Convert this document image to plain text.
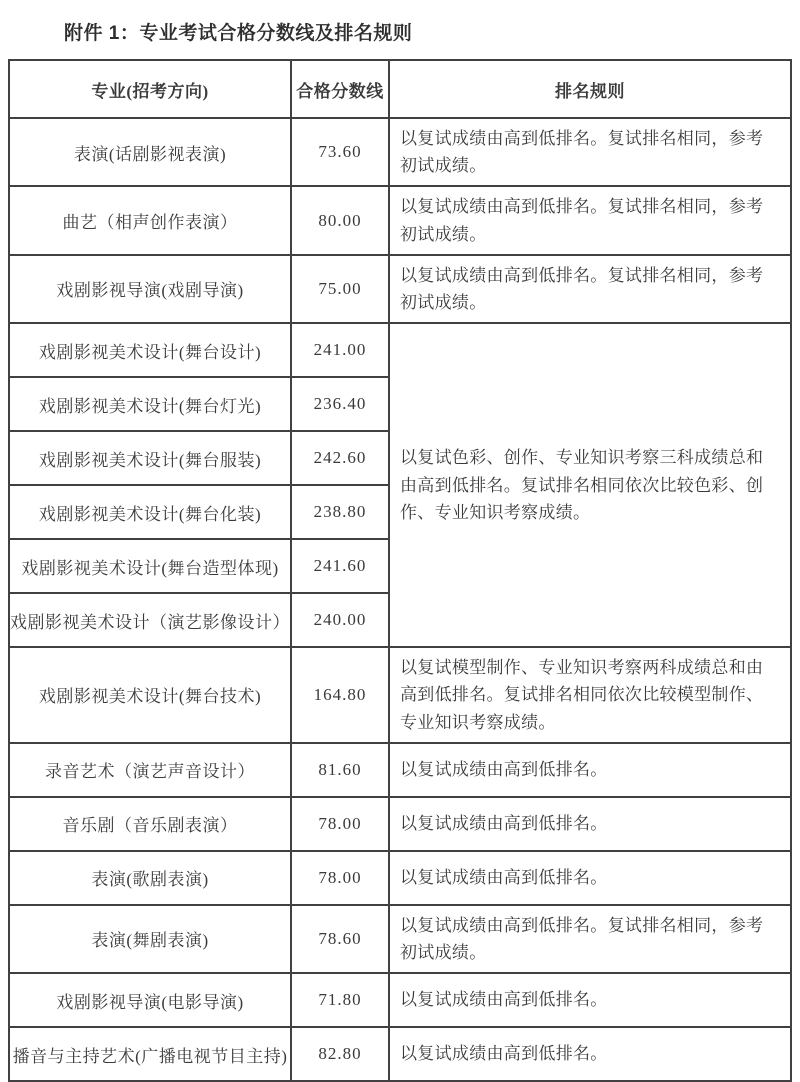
附件 1：专业考试合格分数线及排名规则
专业(招考方向)	合格分数线	排名规则
表演(话剧影视表演)	73.60	以复试成绩由高到低排名。复试排名相同，参考初试成绩。
曲艺（相声创作表演）	80.00	以复试成绩由高到低排名。复试排名相同，参考初试成绩。
戏剧影视导演(戏剧导演)	75.00	以复试成绩由高到低排名。复试排名相同，参考初试成绩。
戏剧影视美术设计(舞台设计)	241.00	以复试色彩、创作、专业知识考察三科成绩总和由高到低排名。复试排名相同依次比较色彩、创作、专业知识考察成绩。
戏剧影视美术设计(舞台灯光)	236.40	
戏剧影视美术设计(舞台服装)	242.60	
戏剧影视美术设计(舞台化装)	238.80	
戏剧影视美术设计(舞台造型体现)	241.60	
戏剧影视美术设计（演艺影像设计）	240.00	
戏剧影视美术设计(舞台技术)	164.80	以复试模型制作、专业知识考察两科成绩总和由高到低排名。复试排名相同依次比较模型制作、专业知识考察成绩。
录音艺术（演艺声音设计）	81.60	以复试成绩由高到低排名。
音乐剧（音乐剧表演）	78.00	以复试成绩由高到低排名。
表演(歌剧表演)	78.00	以复试成绩由高到低排名。
表演(舞剧表演)	78.60	以复试成绩由高到低排名。复试排名相同，参考初试成绩。
戏剧影视导演(电影导演)	71.80	以复试成绩由高到低排名。
播音与主持艺术(广播电视节目主持)	82.80	以复试成绩由高到低排名。
